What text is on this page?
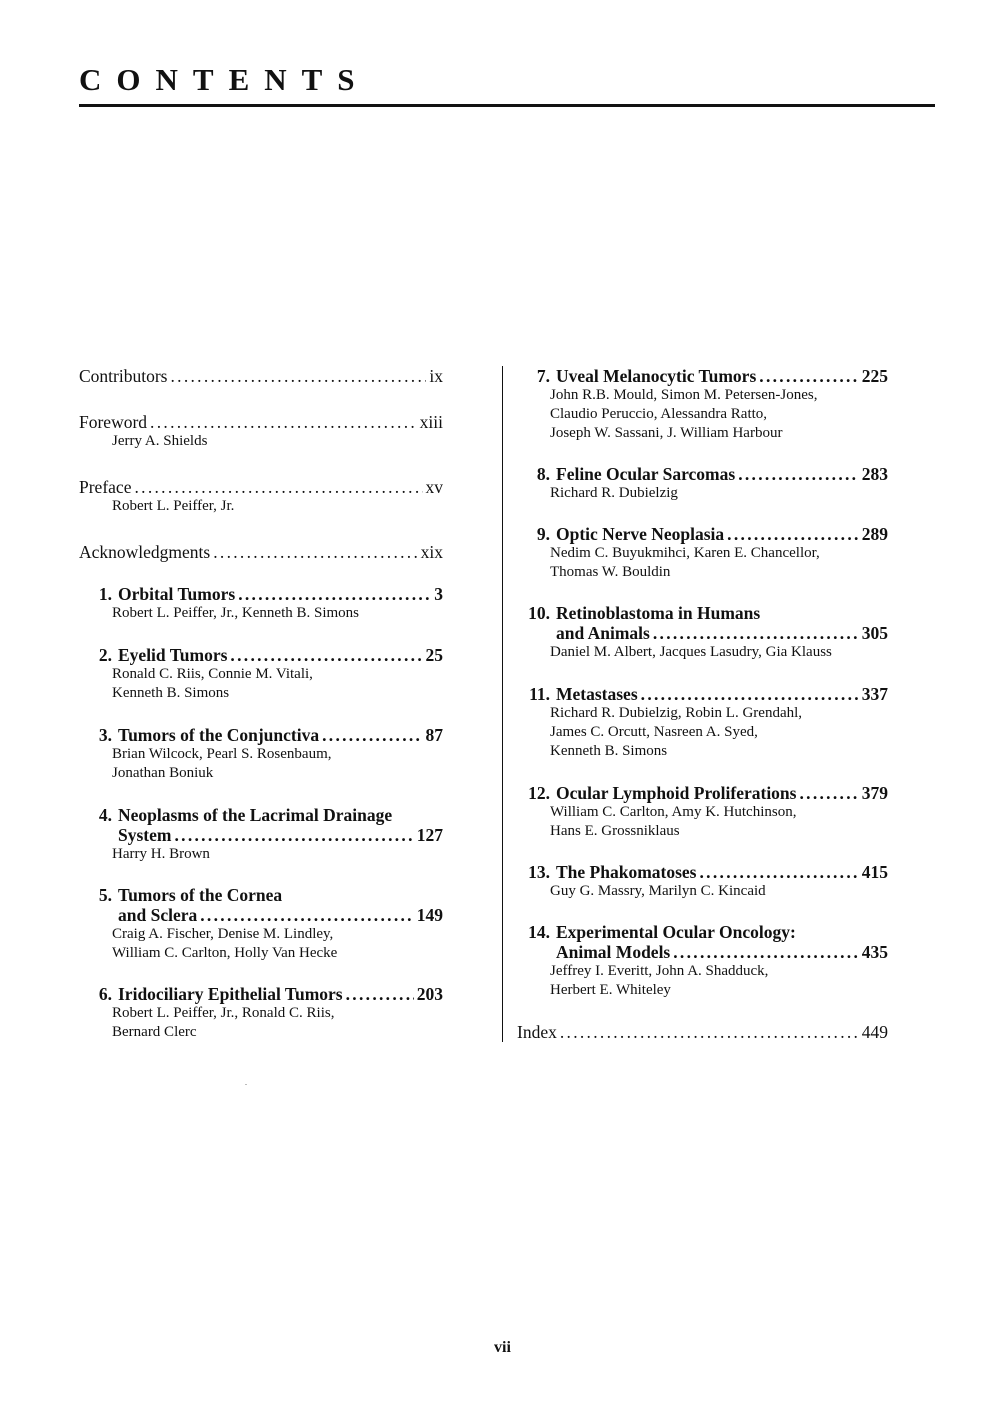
CONTENTS
Contributors .....	ix
Foreword .....	xiii
Jerry A. Shields
Preface .....	xv
Robert L. Peiffer, Jr.
Acknowledgments .....	xix
1. Orbital Tumors .....	3
Robert L. Peiffer, Jr., Kenneth B. Simons
2. Eyelid Tumors .....	25
Ronald C. Riis, Connie M. Vitali,
Kenneth B. Simons
3. Tumors of the Conjunctiva .....	87
Brian Wilcock, Pearl S. Rosenbaum,
Jonathan Boniuk
4. Neoplasms of the Lacrimal Drainage
System .....	127
Harry H. Brown
5. Tumors of the Cornea
and Sclera .....	149
Craig A. Fischer, Denise M. Lindley,
William C. Carlton, Holly Van Hecke
6. Iridociliary Epithelial Tumors .....	203
Robert L. Peiffer, Jr., Ronald C. Riis,
Bernard Clerc
7. Uveal Melanocytic Tumors .....	225
John R.B. Mould, Simon M. Petersen-Jones,
Claudio Peruccio, Alessandra Ratto,
Joseph W. Sassani, J. William Harbour
8. Feline Ocular Sarcomas .....	283
Richard R. Dubielzig
9. Optic Nerve Neoplasia .....	289
Nedim C. Buyukmihci, Karen E. Chancellor,
Thomas W. Bouldin
10. Retinoblastoma in Humans
and Animals .....	305
Daniel M. Albert, Jacques Lasudry, Gia Klauss
11. Metastases .....	337
Richard R. Dubielzig, Robin L. Grendahl,
James C. Orcutt, Nasreen A. Syed,
Kenneth B. Simons
12. Ocular Lymphoid Proliferations .....	379
William C. Carlton, Amy K. Hutchinson,
Hans E. Grossniklaus
13. The Phakomatoses .....	415
Guy G. Massry, Marilyn C. Kincaid
14. Experimental Ocular Oncology:
Animal Models .....	435
Jeffrey I. Everitt, John A. Shadduck,
Herbert E. Whiteley
Index .....	449
vii
